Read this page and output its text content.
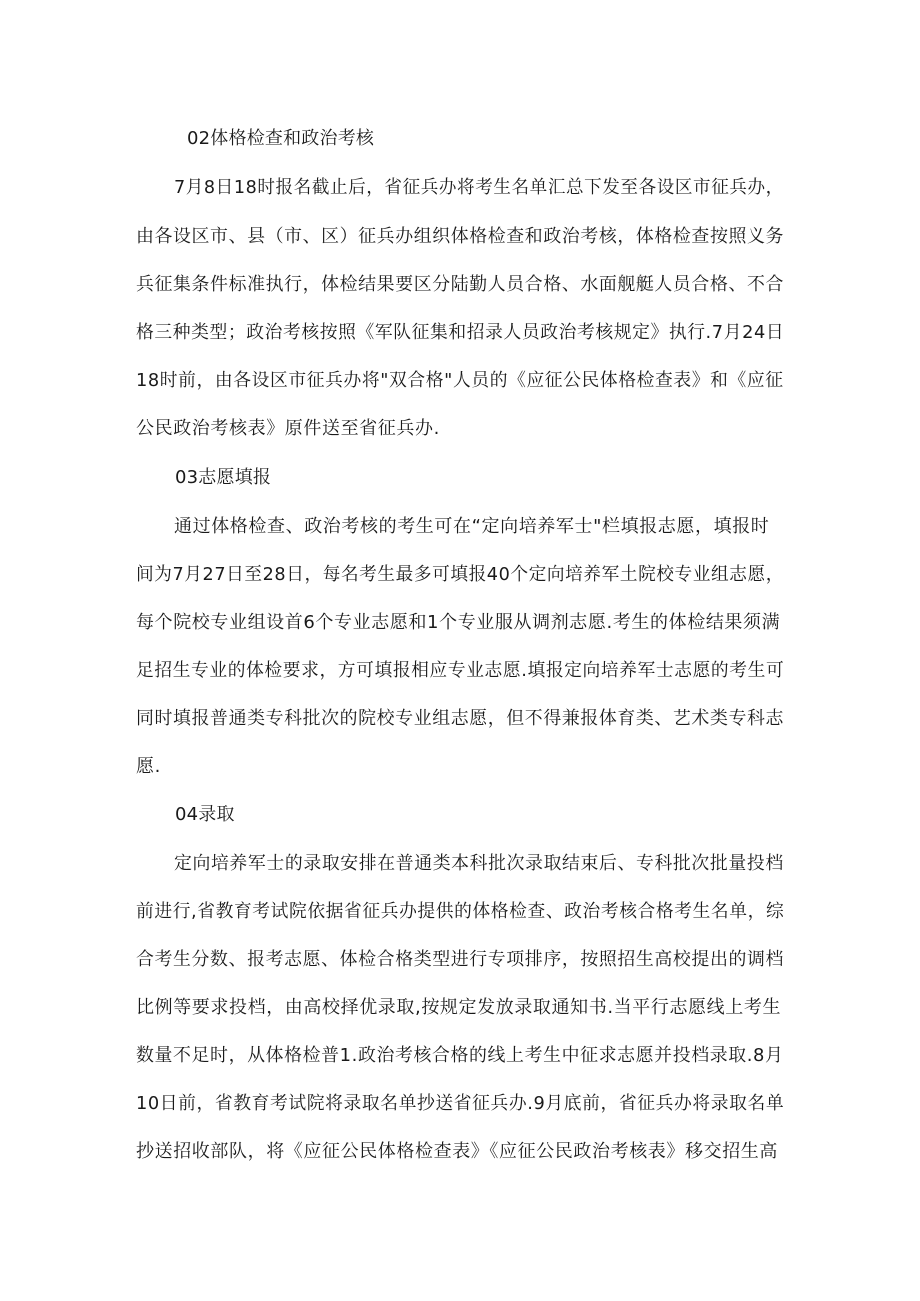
02体格检查和政治考核
7月8日18时报名截止后，省征兵办将考生名单汇总下发至各设区市征兵办，
由各设区市、县（市、区）征兵办组织体格检查和政治考核，体格检查按照义务
兵征集条件标准执行，体检结果要区分陆勤人员合格、水面舰艇人员合格、不合
格三种类型；政治考核按照《军队征集和招录人员政治考核规定》执行.7月24日
18时前，由各设区市征兵办将"双合格"人员的《应征公民体格检查表》和《应征
公民政治考核表》原件送至省征兵办.
03志愿填报
通过体格检查、政治考核的考生可在“定向培养军士"栏填报志愿，填报时
间为7月27日至28日，每名考生最多可填报40个定向培养军土院校专业组志愿，
每个院校专业组设首6个专业志愿和1个专业服从调剂志愿.考生的体检结果须满
足招生专业的体检要求，方可填报相应专业志愿.填报定向培养军士志愿的考生可
同时填报普通类专科批次的院校专业组志愿，但不得兼报体育类、艺术类专科志
愿.
04录取
定向培养军士的录取安排在普通类本科批次录取结束后、专科批次批量投档
前进行,省教育考试院依据省征兵办提供的体格检查、政治考核合格考生名单，综
合考生分数、报考志愿、体检合格类型进行专项排序，按照招生高校提出的调档
比例等要求投档，由高校择优录取,按规定发放录取通知书.当平行志愿线上考生
数量不足时，从体格检普1.政治考核合格的线上考生中征求志愿并投档录取.8月
10日前，省教育考试院将录取名单抄送省征兵办.9月底前，省征兵办将录取名单
抄送招收部队，将《应征公民体格检查表》《应征公民政治考核表》移交招生高
